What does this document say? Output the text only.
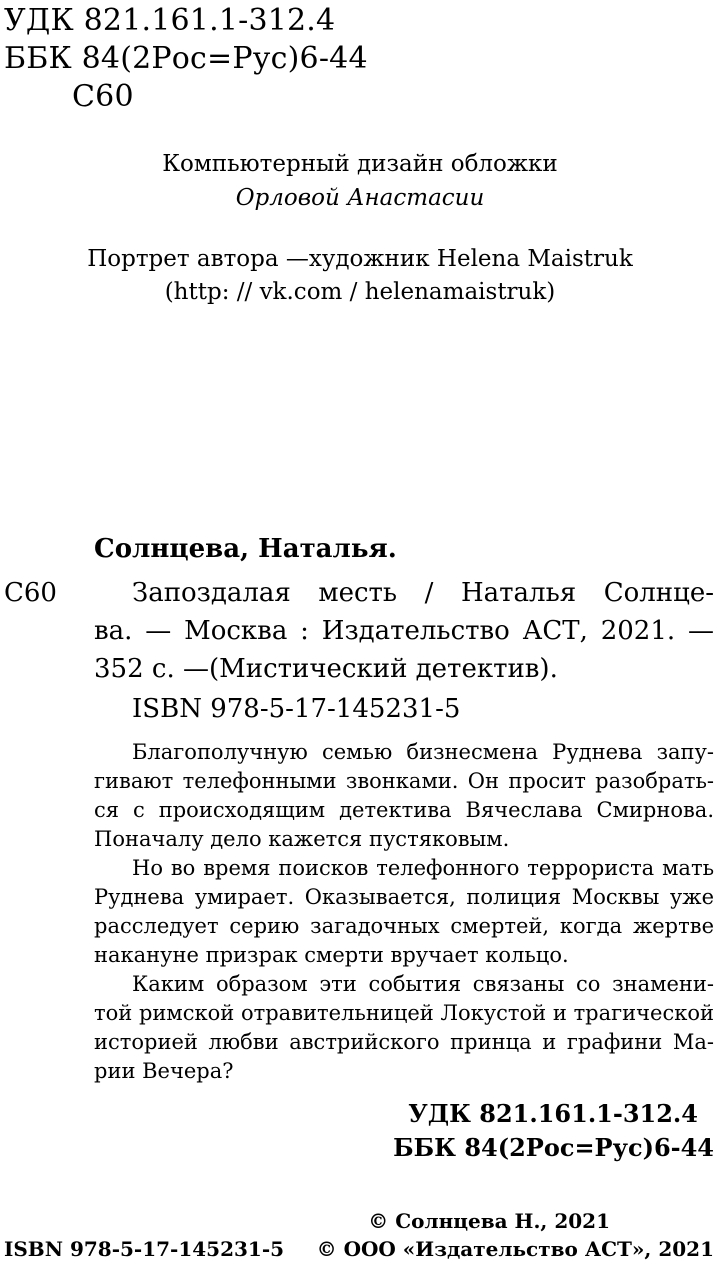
УДК 821.161.1-312.4
ББК 84(2Рос=Рус)6-44
С60
Компьютерный дизайн обложки
Орловой Анастасии
Портрет автора —художник Helena Maistruk
(http: // vk.com / helenamaistruk)
Солнцева, Наталья.
С60	Запоздалая месть / Наталья Солнце-
ва. — Москва : Издательство АСТ, 2021. —
352 с. —(Мистический детектив).
ISBN 978-5-17-145231-5
Благополучную семью бизнесмена Руднева запу-
гивают телефонными звонками. Он просит разобрать-
ся с происходящим детектива Вячеслава Смирнова.
Поначалу дело кажется пустяковым.
Но во время поисков телефонного террориста мать
Руднева умирает. Оказывается, полиция Москвы уже
расследует серию загадочных смертей, когда жертве
накануне призрак смерти вручает кольцо.
Каким образом эти события связаны со знамени-
той римской отравительницей Локустой и трагической
историей любви австрийского принца и графини Ма-
рии Вечера?
УДК 821.161.1-312.4
ББК 84(2Рос=Рус)6-44
© Солнцева Н., 2021
ISBN 978-5-17-145231-5 © ООО «Издательство АСТ», 2021
